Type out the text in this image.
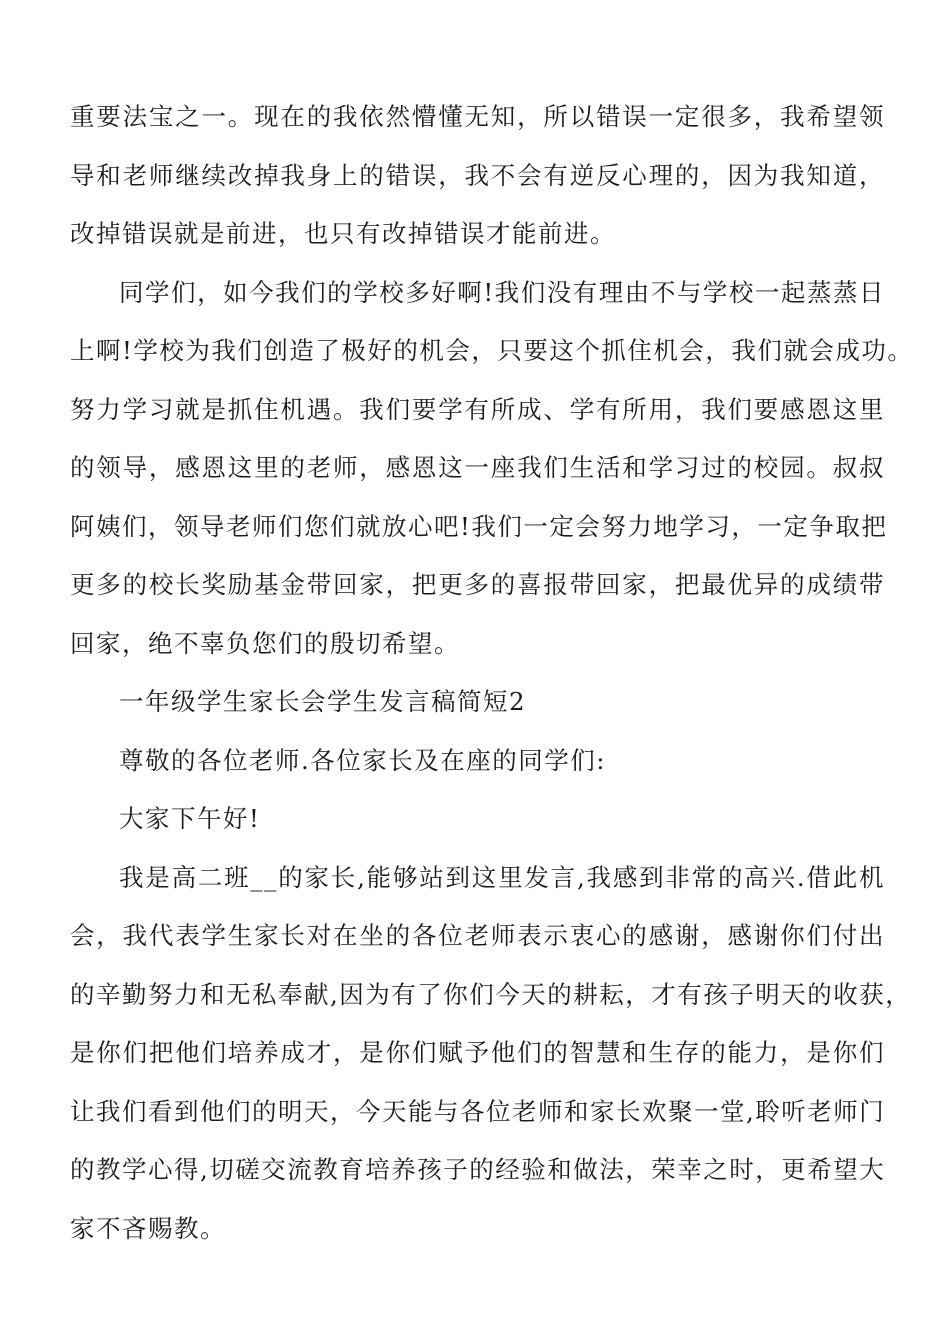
重要法宝之一。现在的我依然懵懂无知，所以错误一定很多，我希望领
导和老师继续改掉我身上的错误，我不会有逆反心理的，因为我知道，
改掉错误就是前进，也只有改掉错误才能前进。
同学们，如今我们的学校多好啊!我们没有理由不与学校一起蒸蒸日
上啊!学校为我们创造了极好的机会，只要这个抓住机会，我们就会成功。
努力学习就是抓住机遇。我们要学有所成、学有所用，我们要感恩这里
的领导，感恩这里的老师，感恩这一座我们生活和学习过的校园。叔叔
阿姨们，领导老师们您们就放心吧!我们一定会努力地学习，一定争取把
更多的校长奖励基金带回家，把更多的喜报带回家，把最优异的成绩带
回家，绝不辜负您们的殷切希望。
一年级学生家长会学生发言稿简短2
尊敬的各位老师.各位家长及在座的同学们:
大家下午好!
我是高二班__的家长,能够站到这里发言,我感到非常的高兴.借此机
会，我代表学生家长对在坐的各位老师表示衷心的感谢，感谢你们付出
的辛勤努力和无私奉献,因为有了你们今天的耕耘，才有孩子明天的收获，
是你们把他们培养成才，是你们赋予他们的智慧和生存的能力，是你们
让我们看到他们的明天，今天能与各位老师和家长欢聚一堂,聆听老师门
的教学心得,切磋交流教育培养孩子的经验和做法，荣幸之时，更希望大
家不吝赐教。
